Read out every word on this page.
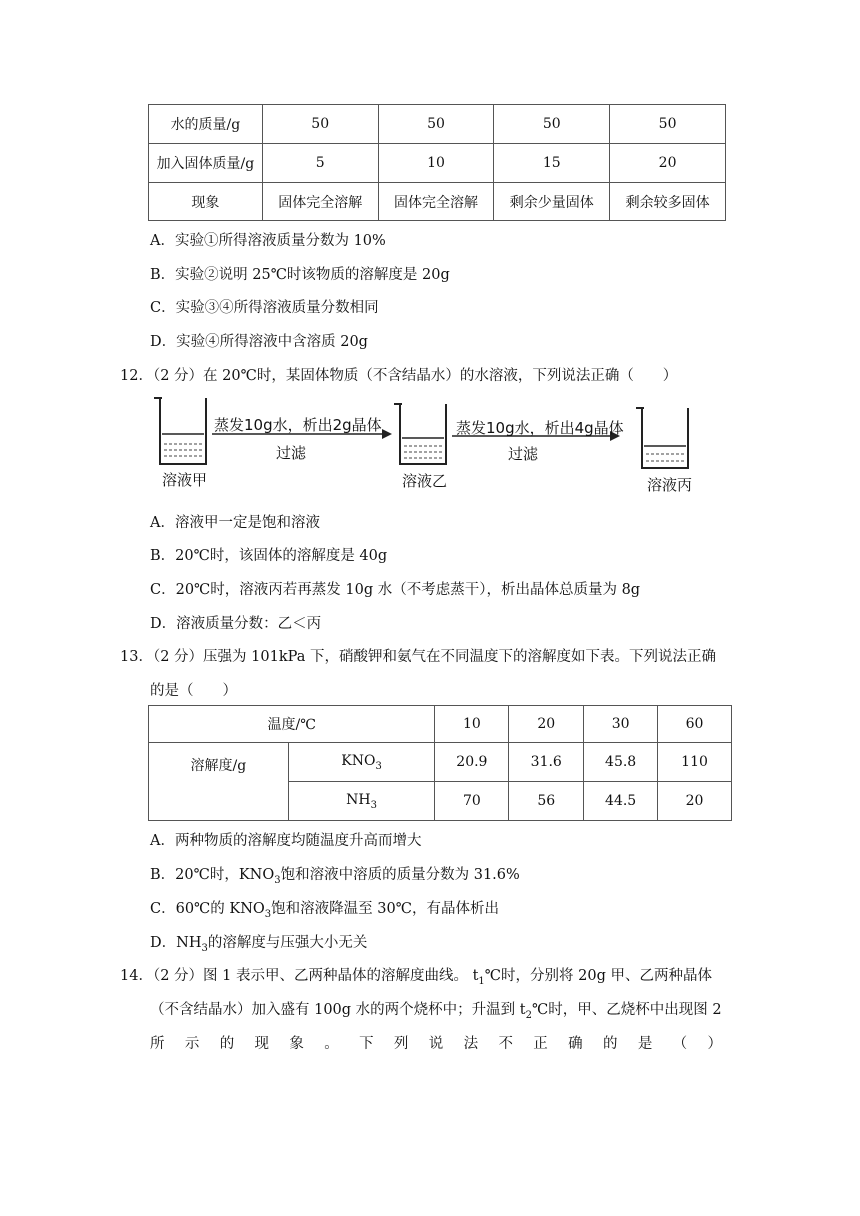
水的质量/g	50	50	50	50
加入固体质量/g	5	10	15	20
现象	固体完全溶解	固体完全溶解	剩余少量固体	剩余较多固体
A．实验①所得溶液质量分数为 10%
B．实验②说明 25℃时该物质的溶解度是 20g
C．实验③④所得溶液质量分数相同
D．实验④所得溶液中含溶质 20g
12．（2 分）在 20℃时，某固体物质（不含结晶水）的水溶液，下列说法正确（　　）
蒸发10g水，析出2g晶体
过滤
蒸发10g水，析出4g晶体
过滤
溶液甲	溶液乙	溶液丙
A．溶液甲一定是饱和溶液
B．20℃时，该固体的溶解度是 40g
C．20℃时，溶液丙若再蒸发 10g 水（不考虑蒸干），析出晶体总质量为 8g
D．溶液质量分数：乙＜丙
13．（2 分）压强为 101kPa 下，硝酸钾和氨气在不同温度下的溶解度如下表。下列说法正确
的是（　　）
温度/℃		10	20	30	60
溶解度/g	$KNO_3$	20.9	31.6	45.8	110
	$NH_3$	70	56	44.5	20
A．两种物质的溶解度均随温度升高而增大
B．20℃时，$KNO_3$饱和溶液中溶质的质量分数为 31.6%
C．60℃的 $KNO_3$饱和溶液降温至 30℃，有晶体析出
D．$NH_3$的溶解度与压强大小无关
14．（2 分）图 1 表示甲、乙两种晶体的溶解度曲线。 $t_1℃$时，分别将 20g 甲、乙两种晶体
（不含结晶水）加入盛有 100g 水的两个烧杯中；升温到 $t_2℃$时，甲、乙烧杯中出现图 2
所 示 的 现 象 。 下 列 说 法 不 正 确 的 是 （ ）
